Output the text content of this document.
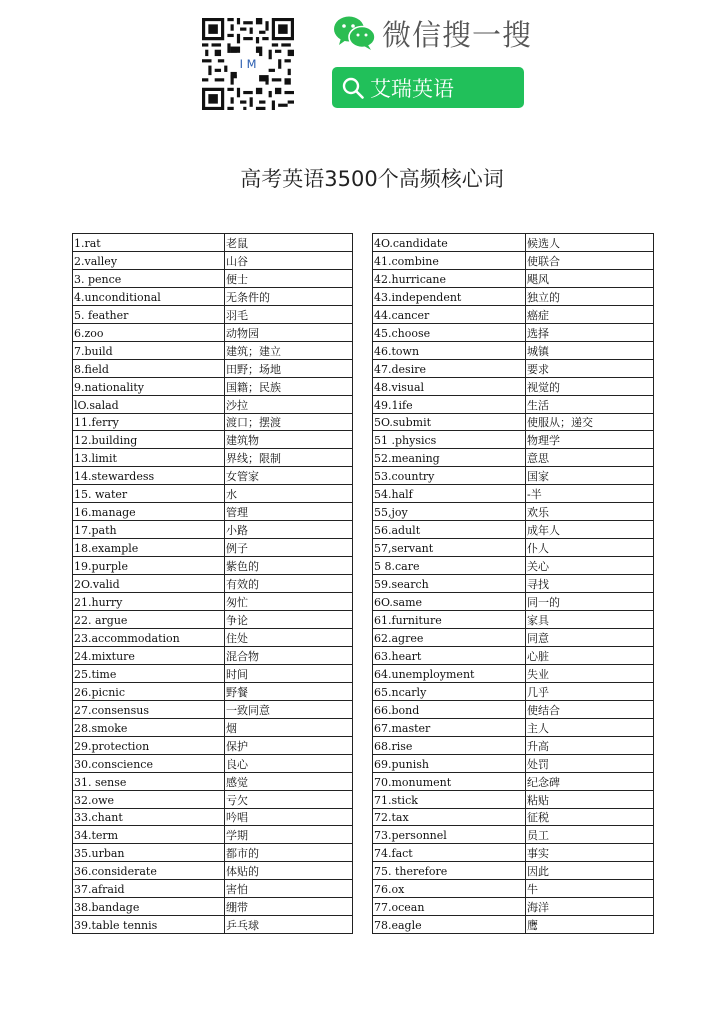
I M
微信搜一搜
艾瑞英语
高考英语3500个高频核心词
1.rat	老鼠
2.valley	山谷
3. pence	便士
4.unconditional	无条件的
5. feather	羽毛
6.zoo	动物园
7.build	建筑；建立
8.field	田野；场地
9.nationality	国籍；民族
lO.salad	沙拉
11.ferry	渡口；摆渡
12.building	建筑物
13.limit	界线；限制
14.stewardess	女管家
15. water	水
16.manage	管理
17.path	小路
18.example	例子
19.purple	紫色的
2O.valid	有效的
21.hurry	匆忙
22. argue	争论
23.accommodation	住处
24.mixture	混合物
25.time	时间
26.picnic	野餐
27.consensus	一致同意
28.smoke	烟
29.protection	保护
30.conscience	良心
31. sense	感觉
32.owe	亏欠
33.chant	吟唱
34.term	学期
35.urban	都市的
36.considerate	体贴的
37.afraid	害怕
38.bandage	绷带
39.table tennis	乒乓球
4O.candidate	候选人
41.combine	使联合
42.hurricane	飓风
43.independent	独立的
44.cancer	癌症
45.choose	选择
46.town	城镇
47.desire	要求
48.visual	视觉的
49.1ife	生活
5O.submit	使服从；递交
51 .physics	物理学
52.meaning	意思
53.country	国家
54.half	-半
55,joy	欢乐
56.adult	成年人
57,servant	仆人
5 8.care	关心
59.search	寻找
6O.same	同一的
61.furniture	家具
62.agree	同意
63.heart	心脏
64.unemployment	失业
65.ncarly	几乎
66.bond	使结合
67.master	主人
68.rise	升高
69.punish	处罚
70.monument	纪念碑
71.stick	粘贴
72.tax	征税
73.personnel	员工
74.fact	事实
75. therefore	因此
76.ox	牛
77.ocean	海洋
78.eagle	鹰
